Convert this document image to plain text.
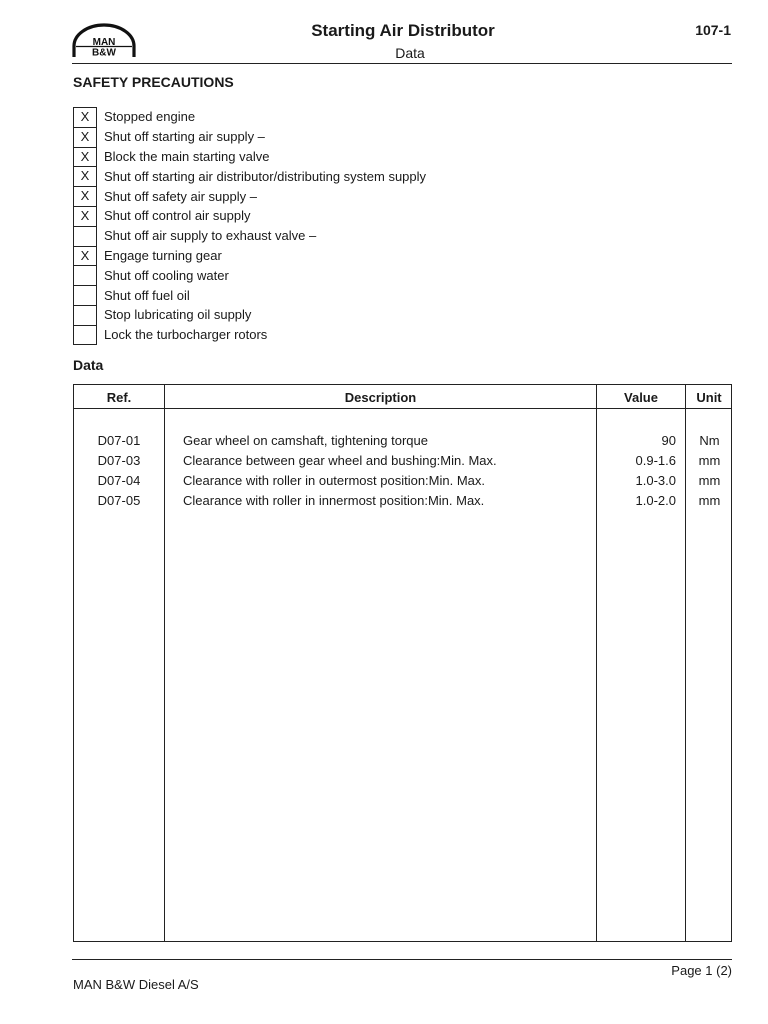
MAN
B&W
Starting Air Distributor
Data
107-1
SAFETY PRECAUTIONS
X	Stopped engine
X	Shut off starting air supply –
X	Block the main starting valve
X	Shut off starting air distributor/distributing system supply
X	Shut off safety air supply –
X	Shut off control air supply
Shut off air supply to exhaust valve –
X	Engage turning gear
Shut off cooling water
Shut off fuel oil
Stop lubricating oil supply
Lock the turbocharger rotors
Data
Ref.	Description	Value	Unit
D07-01	Gear wheel on camshaft, tightening torque	90	Nm
D07-03	Clearance between gear wheel and bushing:Min. Max.	0.9-1.6	mm
D07-04	Clearance with roller in outermost position:Min. Max.	1.0-3.0	mm
D07-05	Clearance with roller in innermost position:Min. Max.	1.0-2.0	mm
Page 1 (2)
MAN B&W Diesel A/S
